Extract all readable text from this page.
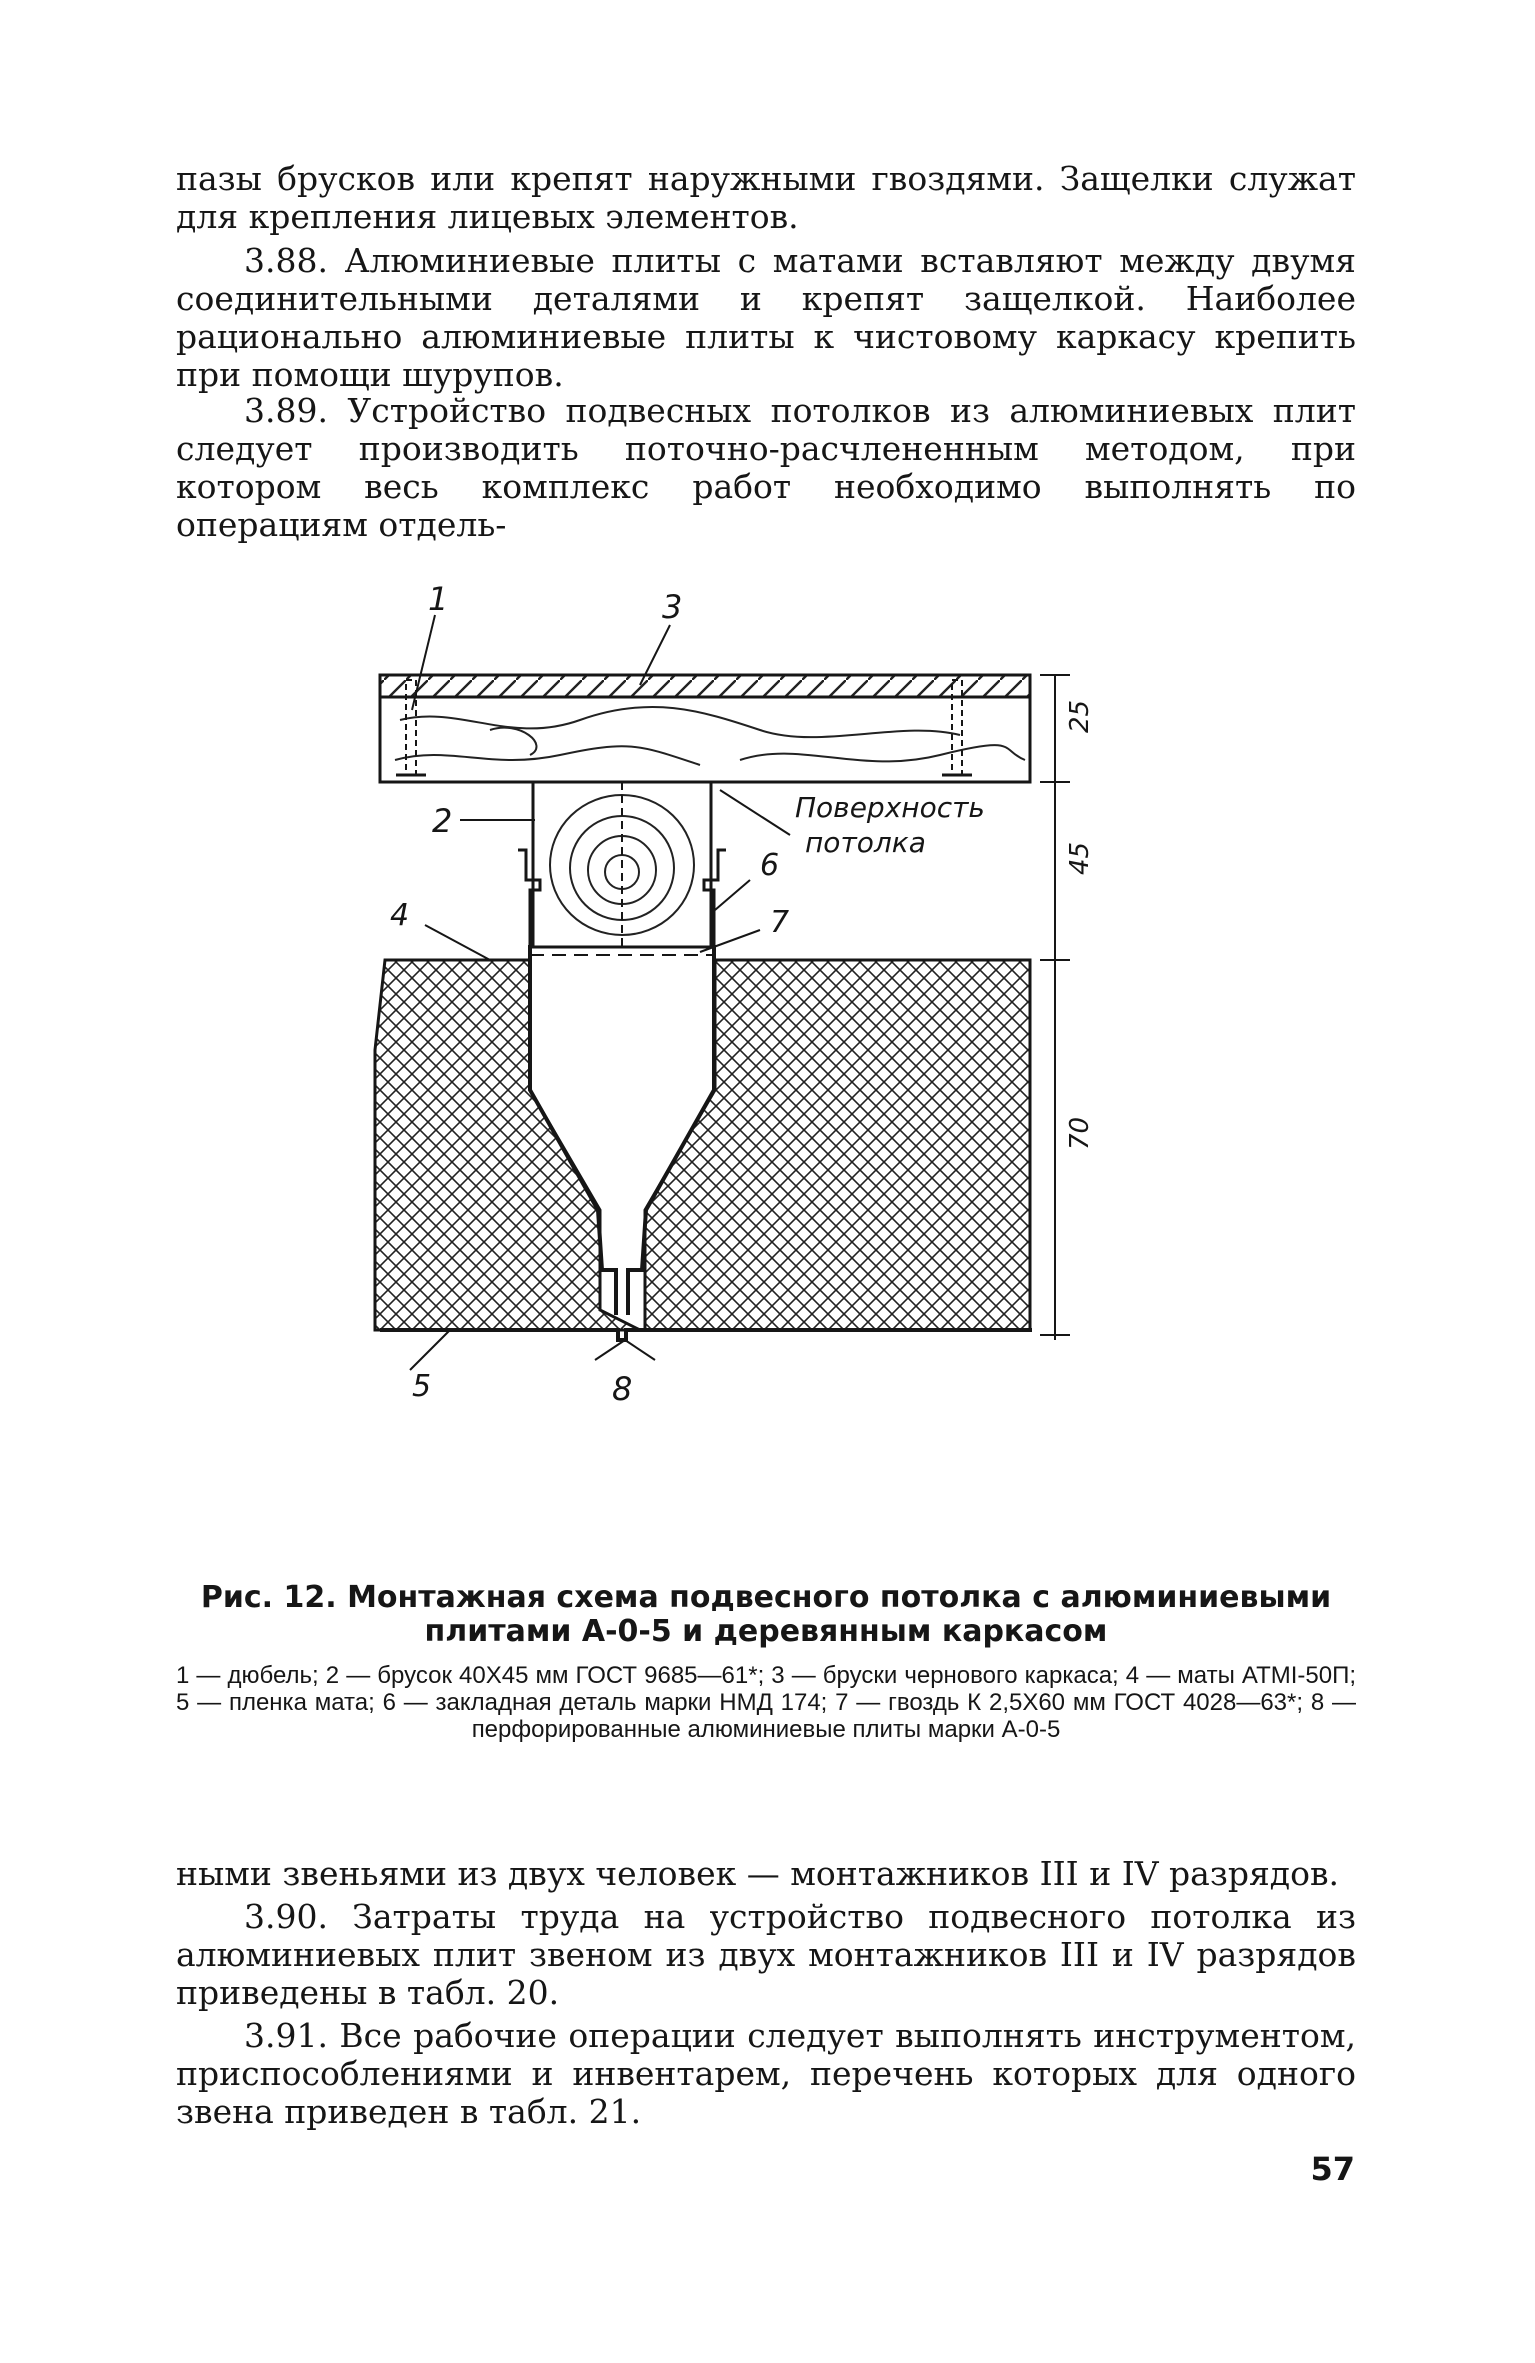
пазы брусков или крепят наружными гвоздями. Защелки служат для крепления лицевых элементов.

3.88. Алюминиевые плиты с матами вставляют между двумя соединительными деталями и крепят защелкой. Наиболее рационально алюминиевые плиты к чистовому каркасу крепить при помощи шурупов.

3.89. Устройство подвесных потолков из алюминиевых плит следует производить поточно-расчлененным методом, при котором весь комплекс работ необходимо выполнять по операциям отдель-

1	3
2
4
6
7
5	8
Поверхность
потолка
25
45
70

Рис. 12. Монтажная схема подвесного потолка с алюминиевыми плитами А-0-5 и деревянным каркасом

1 — дюбель; 2 — брусок 40X45 мм ГОСТ 9685—61*; 3 — бруски чернового каркаса; 4 — маты АТМІ-50П; 5 — пленка мата; 6 — закладная деталь марки НМД 174; 7 — гвоздь К 2,5X60 мм ГОСТ 4028—63*; 8 — перфорированные алюминиевые плиты марки А-0-5

ными звеньями из двух человек — монтажников III и IV разрядов.

3.90. Затраты труда на устройство подвесного потолка из алюминиевых плит звеном из двух монтажников III и IV разрядов приведены в табл. 20.

3.91. Все рабочие операции следует выполнять инструментом, приспособлениями и инвентарем, перечень которых для одного звена приведен в табл. 21.

57
